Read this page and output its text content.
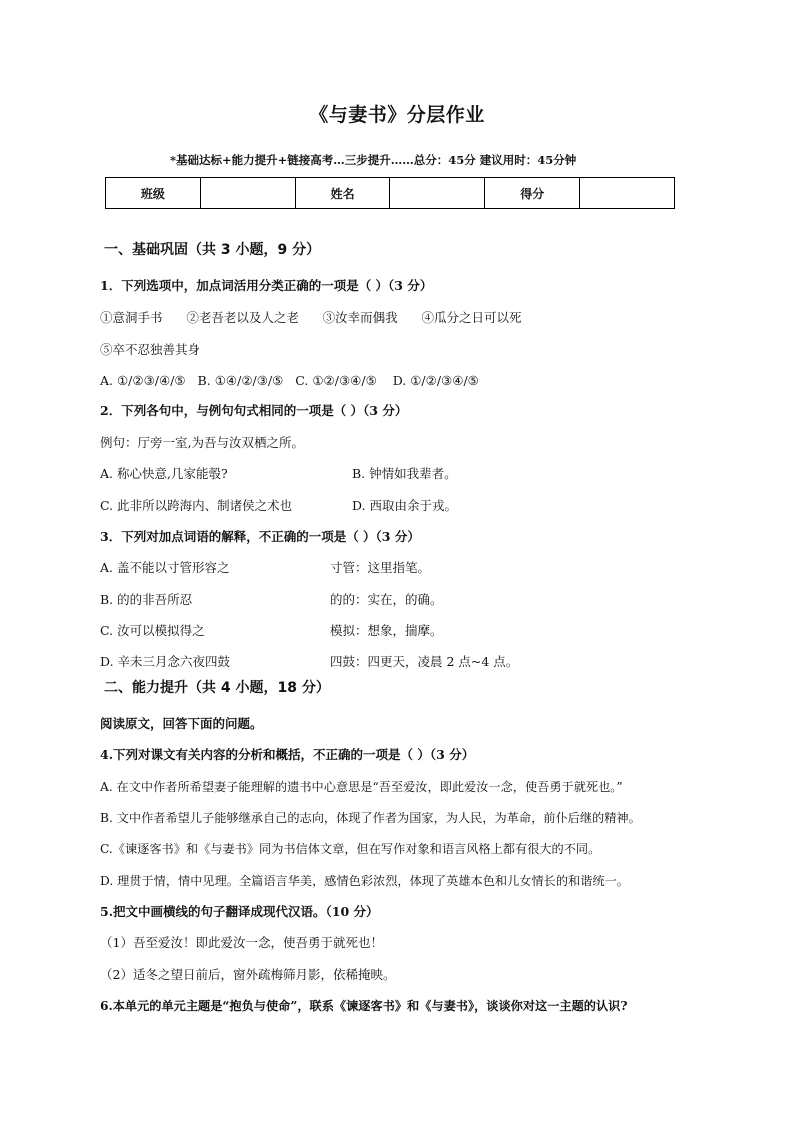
《与妻书》分层作业
*基础达标+能力提升+链接高考…三步提升……总分：45分 建议用时：45分钟
班级		姓名		得分	
一、基础巩固（共 3 小题，9 分）
1．下列选项中，加点词活用分类正确的一项是（ ）（3 分）
①意洞手书      ②老吾老以及人之老      ③汝幸而偶我      ④瓜分之日可以死
⑤卒不忍独善其身
A. ①/②③/④/⑤   B. ①④/②/③/⑤   C. ①②/③④/⑤    D. ①/②/③④/⑤
2．下列各句中，与例句句式相同的一项是（ ）（3 分）
例句：厅旁一室,为吾与汝双栖之所。
A. 称心快意,几家能彀?	B. 钟情如我辈者。
C. 此非所以跨海内、制诸侯之术也	D. 西取由余于戎。
3．下列对加点词语的解释，不正确的一项是（ ）（3 分）
A. 盖不能以寸管形容之	寸管：这里指笔。
B. 的的非吾所忍	的的：实在，的确。
C. 汝可以模拟得之	模拟：想象，揣摩。
D. 辛未三月念六夜四鼓	四鼓：四更天，凌晨 2 点~4 点。
二、能力提升（共 4 小题，18 分）
阅读原文，回答下面的问题。
4.下列对课文有关内容的分析和概括，不正确的一项是（ ）（3 分）
A. 在文中作者所希望妻子能理解的遗书中心意思是“吾至爱汝，即此爱汝一念，使吾勇于就死也。”
B. 文中作者希望儿子能够继承自己的志向，体现了作者为国家，为人民，为革命，前仆后继的精神。
C.《谏逐客书》和《与妻书》同为书信体文章，但在写作对象和语言风格上都有很大的不同。
D. 理贯于情，情中见理。全篇语言华美，感情色彩浓烈，体现了英雄本色和儿女情长的和谐统一。
5.把文中画横线的句子翻译成现代汉语。（10 分）
（1）吾至爱汝！即此爱汝一念，使吾勇于就死也！
（2）适冬之望日前后，窗外疏梅筛月影，依稀掩映。
6.本单元的单元主题是“抱负与使命”，联系《谏逐客书》和《与妻书》，谈谈你对这一主题的认识?
